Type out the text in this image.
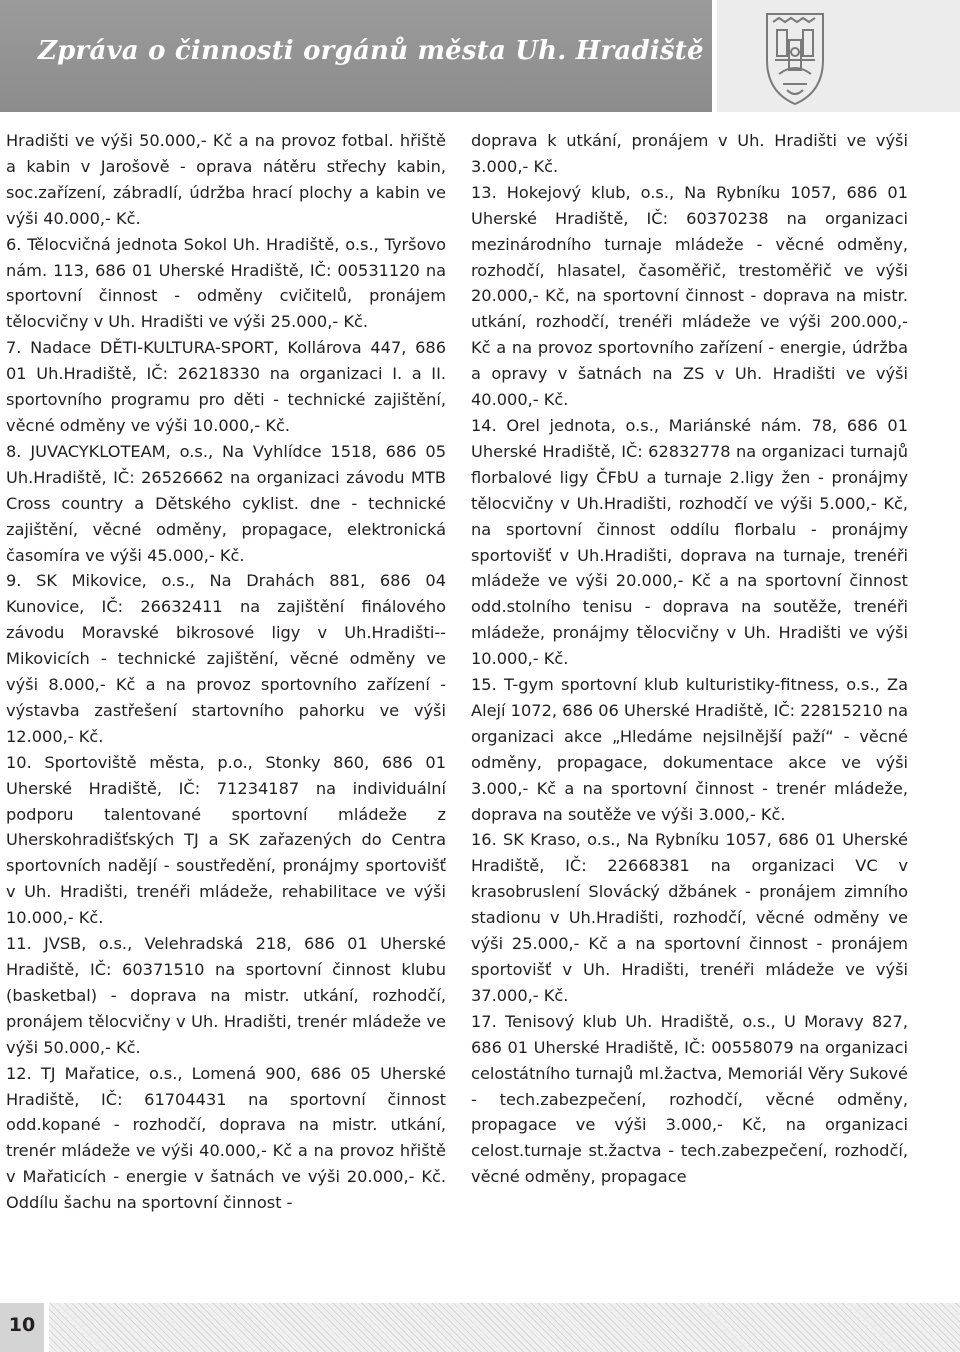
Zpráva o činnosti orgánů města Uh. Hradiště

Hradišti ve výši 50.000,- Kč a na provoz fotbal. hřiště a kabin v Jarošově - oprava nátěru střechy kabin, soc.zařízení, zábradlí, údržba hrací plochy a kabin ve výši 40.000,- Kč.

6. Tělocvičná jednota Sokol Uh. Hradiště, o.s., Tyršovo nám. 113, 686 01 Uherské Hradiště, IČ: 00531120 na sportovní činnost - odměny cvičitelů, pronájem tělocvičny v Uh. Hradišti ve výši 25.000,- Kč.

7. Nadace DĚTI-KULTURA-SPORT, Kollárova 447, 686 01 Uh.Hradiště, IČ: 26218330 na organizaci I. a II. sportovního programu pro děti - technické zajištění, věcné odměny ve výši 10.000,- Kč.

8. JUVACYKLOTEAM, o.s., Na Vyhlídce 1518, 686 05 Uh.Hradiště, IČ: 26526662 na organizaci závodu MTB Cross country a Dětského cyklist. dne - technické zajištění, věcné odměny, propagace, elektronická časomíra ve výši 45.000,- Kč.

9. SK Mikovice, o.s., Na Drahách 881, 686 04 Kunovice, IČ: 26632411 na zajištění finálového závodu Moravské bikrosové ligy v Uh.Hradišti--Mikovicích - technické zajištění, věcné odměny ve výši 8.000,- Kč a na provoz sportovního zařízení - výstavba zastřešení startovního pahorku ve výši 12.000,- Kč.

10. Sportoviště města, p.o., Stonky 860, 686 01 Uherské Hradiště, IČ: 71234187 na individuální podporu talentované sportovní mládeže z Uherskohradišťských TJ a SK zařazených do Centra sportovních nadějí - soustředění, pronájmy sportovišť v Uh. Hradišti, trenéři mládeže, rehabilitace ve výši 10.000,- Kč.

11. JVSB, o.s., Velehradská 218, 686 01 Uherské Hradiště, IČ: 60371510 na sportovní činnost klubu (basketbal) - doprava na mistr. utkání, rozhodčí, pronájem tělocvičny v Uh. Hradišti, trenér mládeže ve výši 50.000,- Kč.

12. TJ Mařatice, o.s., Lomená 900, 686 05 Uherské Hradiště, IČ: 61704431 na sportovní činnost odd.kopané - rozhodčí, doprava na mistr. utkání, trenér mládeže ve výši 40.000,- Kč a na provoz hřiště v Mařaticích - energie v šatnách ve výši 20.000,- Kč. Oddílu šachu na sportovní činnost -

doprava k utkání, pronájem v Uh. Hradišti ve výši 3.000,- Kč.

13. Hokejový klub, o.s., Na Rybníku 1057, 686 01 Uherské Hradiště, IČ: 60370238 na organizaci mezinárodního turnaje mládeže - věcné odměny, rozhodčí, hlasatel, časoměřič, trestoměřič ve výši 20.000,- Kč, na sportovní činnost - doprava na mistr. utkání, rozhodčí, trenéři mládeže ve výši 200.000,- Kč a na provoz sportovního zařízení - energie, údržba a opravy v šatnách na ZS v Uh. Hradišti ve výši 40.000,- Kč.

14. Orel jednota, o.s., Mariánské nám. 78, 686 01 Uherské Hradiště, IČ: 62832778 na organizaci turnajů florbalové ligy ČFbU a turnaje 2.ligy žen - pronájmy tělocvičny v Uh.Hradišti, rozhodčí ve výši 5.000,- Kč, na sportovní činnost oddílu florbalu - pronájmy sportovišť v Uh.Hradišti, doprava na turnaje, trenéři mládeže ve výši 20.000,- Kč a na sportovní činnost odd.stolního tenisu - doprava na soutěže, trenéři mládeže, pronájmy tělocvičny v Uh. Hradišti ve výši 10.000,- Kč.

15. T-gym sportovní klub kulturistiky-fitness, o.s., Za Alejí 1072, 686 06 Uherské Hradiště, IČ: 22815210 na organizaci akce „Hledáme nejsilnější paží“ - věcné odměny, propagace, dokumentace akce ve výši 3.000,- Kč a na sportovní činnost - trenér mládeže, doprava na soutěže ve výši 3.000,- Kč.

16. SK Kraso, o.s., Na Rybníku 1057, 686 01 Uherské Hradiště, IČ: 22668381 na organizaci VC v krasobruslení Slovácký džbánek - pronájem zimního stadionu v Uh.Hradišti, rozhodčí, věcné odměny ve výši 25.000,- Kč a na sportovní činnost - pronájem sportovišť v Uh. Hradišti, trenéři mládeže ve výši 37.000,- Kč.

17. Tenisový klub Uh. Hradiště, o.s., U Moravy 827, 686 01 Uherské Hradiště, IČ: 00558079 na organizaci celostátního turnajů ml.žactva, Memoriál Věry Sukové - tech.zabezpečení, rozhodčí, věcné odměny, propagace ve výši 3.000,- Kč, na organizaci celost.turnaje st.žactva - tech.zabezpečení, rozhodčí, věcné odměny, propagace

10
